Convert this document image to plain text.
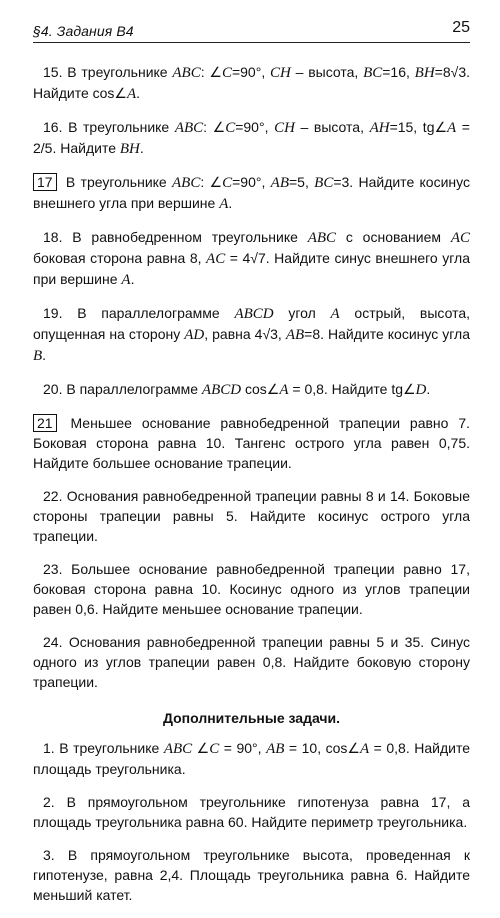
§4. Задания В4	25

15. В треугольнике ABC: ∠C=90°, CH – высота, BC=16, BH=8√3. Найдите cos∠A.

16. В треугольнике ABC: ∠C=90°, CH – высота, AH=15, tg∠A = 2/5. Найдите BH.

17 В треугольнике ABC: ∠C=90°, AB=5, BC=3. Найдите косинус внешнего угла при вершине A.

18. В равнобедренном треугольнике ABC с основанием AC боковая сторона равна 8, AC = 4√7. Найдите синус внешнего угла при вершине A.

19. В параллелограмме ABCD угол A острый, высота, опущенная на сторону AD, равна 4√3, AB=8. Найдите косинус угла B.

20. В параллелограмме ABCD cos∠A = 0,8. Найдите tg∠D.

21 Меньшее основание равнобедренной трапеции равно 7. Боковая сторона равна 10. Тангенс острого угла равен 0,75. Найдите большее основание трапеции.

22. Основания равнобедренной трапеции равны 8 и 14. Боковые стороны трапеции равны 5. Найдите косинус острого угла трапеции.

23. Большее основание равнобедренной трапеции равно 17, боковая сторона равна 10. Косинус одного из углов трапеции равен 0,6. Найдите меньшее основание трапеции.

24. Основания равнобедренной трапеции равны 5 и 35. Синус одного из углов трапеции равен 0,8. Найдите боковую сторону трапеции.

Дополнительные задачи.

1. В треугольнике ABC ∠C = 90°, AB = 10, cos∠A = 0,8. Найдите площадь треугольника.

2. В прямоугольном треугольнике гипотенуза равна 17, а площадь треугольника равна 60. Найдите периметр треугольника.

3. В прямоугольном треугольнике высота, проведенная к гипотенузе, равна 2,4. Площадь треугольника равна 6. Найдите меньший катет.
